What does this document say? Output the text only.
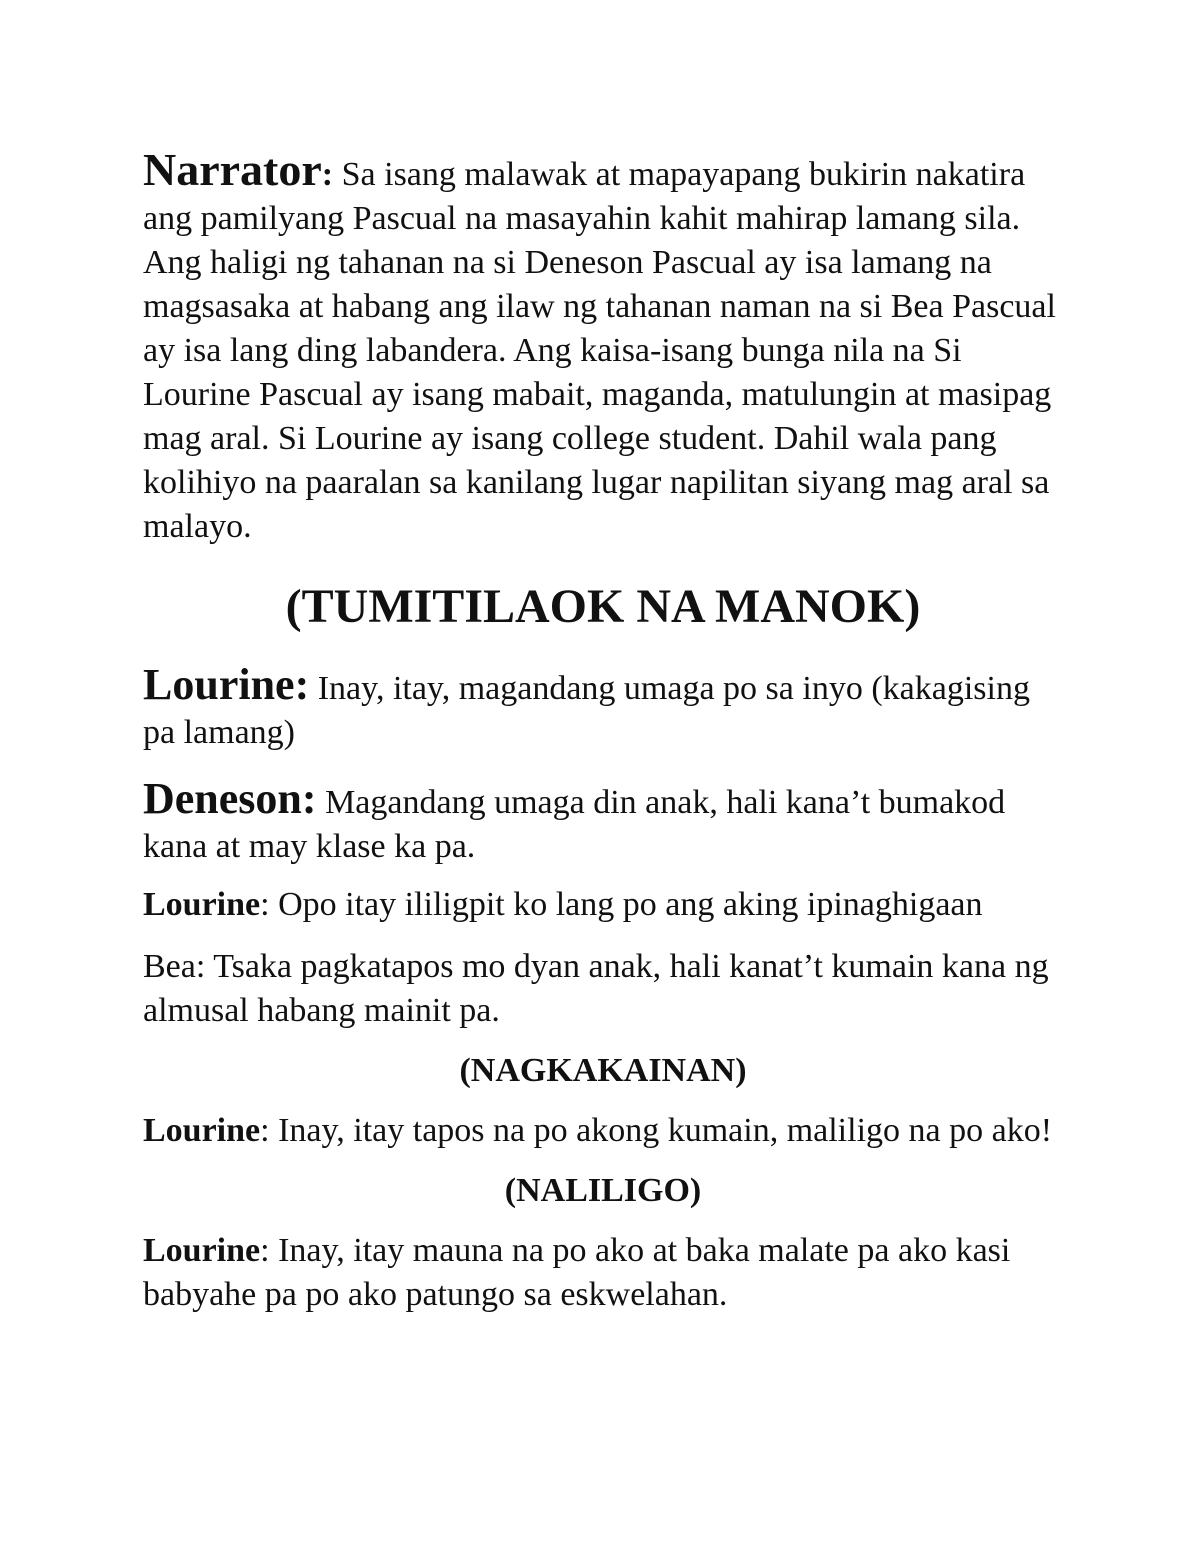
Narrator: Sa isang malawak at mapayapang bukirin nakatira ang pamilyang Pascual na masayahin kahit mahirap lamang sila. Ang haligi ng tahanan na si Deneson Pascual ay isa lamang na magsasaka at habang ang ilaw ng tahanan naman na si Bea Pascual ay isa lang ding labandera. Ang kaisa-isang bunga nila na Si Lourine Pascual ay isang mabait, maganda, matulungin at masipag mag aral. Si Lourine ay isang college student. Dahil wala pang kolihiyo na paaralan sa kanilang lugar napilitan siyang mag aral sa malayo.

(TUMITILAOK NA MANOK)

Lourine: Inay, itay, magandang umaga po sa inyo (kakagising pa lamang)

Deneson: Magandang umaga din anak, hali kana’t bumakod kana at may klase ka pa.

Lourine: Opo itay ililigpit ko lang po ang aking ipinaghigaan

Bea: Tsaka pagkatapos mo dyan anak, hali kanat’t kumain kana ng almusal habang mainit pa.

(NAGKAKAINAN)

Lourine: Inay, itay tapos na po akong kumain, maliligo na po ako!

(NALILIGO)

Lourine: Inay, itay mauna na po ako at baka malate pa ako kasi babyahe pa po ako patungo sa eskwelahan.
